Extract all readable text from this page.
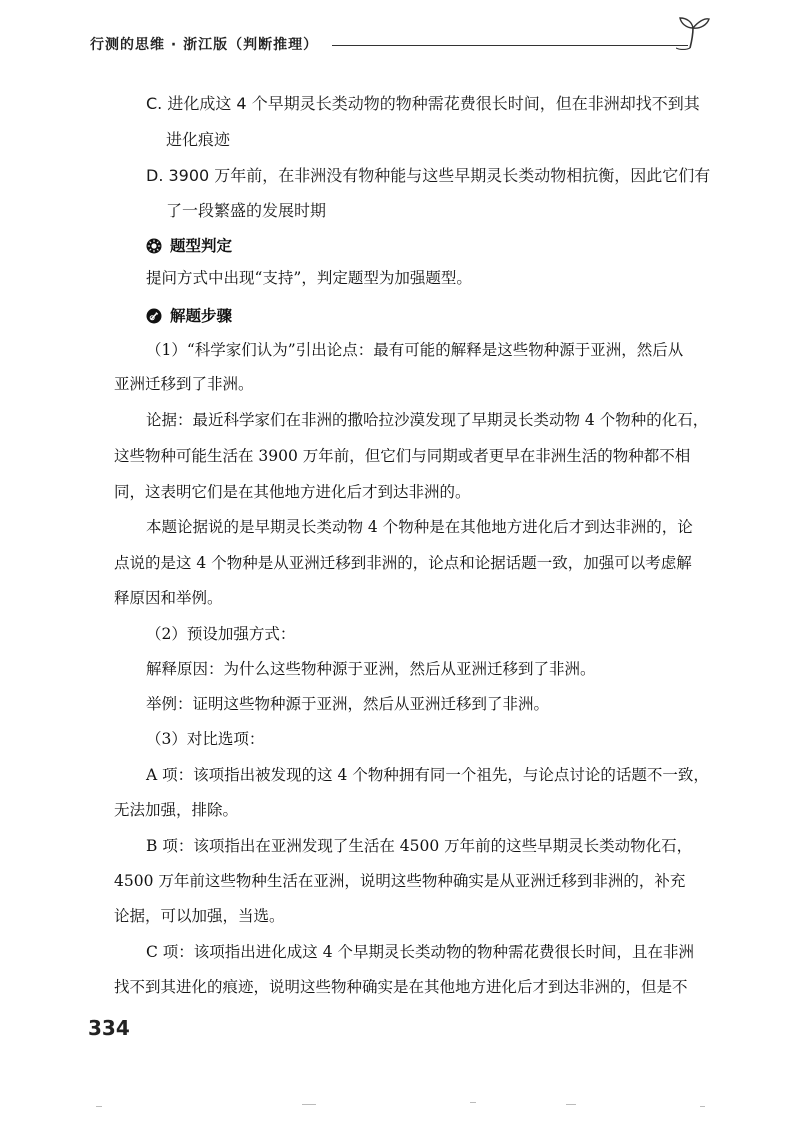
行测的思维 · 浙江版（判断推理）
C. 进化成这 4 个早期灵长类动物的物种需花费很长时间，但在非洲却找不到其
进化痕迹
D. 3900 万年前，在非洲没有物种能与这些早期灵长类动物相抗衡，因此它们有
了一段繁盛的发展时期
题型判定
提问方式中出现“支持”，判定题型为加强题型。
解题步骤
（1）“科学家们认为”引出论点：最有可能的解释是这些物种源于亚洲，然后从
亚洲迁移到了非洲。
论据：最近科学家们在非洲的撒哈拉沙漠发现了早期灵长类动物 4 个物种的化石，
这些物种可能生活在 3900 万年前，但它们与同期或者更早在非洲生活的物种都不相
同，这表明它们是在其他地方进化后才到达非洲的。
本题论据说的是早期灵长类动物 4 个物种是在其他地方进化后才到达非洲的，论
点说的是这 4 个物种是从亚洲迁移到非洲的，论点和论据话题一致，加强可以考虑解
释原因和举例。
（2）预设加强方式：
解释原因：为什么这些物种源于亚洲，然后从亚洲迁移到了非洲。
举例：证明这些物种源于亚洲，然后从亚洲迁移到了非洲。
（3）对比选项：
A 项：该项指出被发现的这 4 个物种拥有同一个祖先，与论点讨论的话题不一致，
无法加强，排除。
B 项：该项指出在亚洲发现了生活在 4500 万年前的这些早期灵长类动物化石，
4500 万年前这些物种生活在亚洲，说明这些物种确实是从亚洲迁移到非洲的，补充
论据，可以加强，当选。
C 项：该项指出进化成这 4 个早期灵长类动物的物种需花费很长时间，且在非洲
找不到其进化的痕迹，说明这些物种确实是在其他地方进化后才到达非洲的，但是不
334
